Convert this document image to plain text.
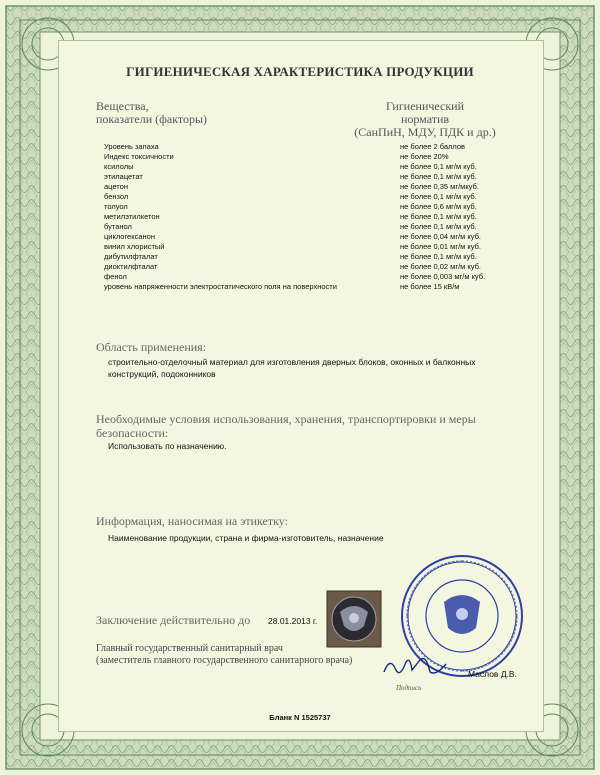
ГИГИЕНИЧЕСКАЯ ХАРАКТЕРИСТИКА ПРОДУКЦИИ
Вещества,
показатели (факторы)
Гигиенический
норматив
(СанПиН, МДУ, ПДК и др.)
Уровень запаха	не более 2 баллов
Индекс токсичности	не более 20%
ксилолы	не более 0,1 мг/м куб.
этилацетат	не более 0,1 мг/м куб.
ацетон	не более 0,35 мг/мкуб.
бензол	не более 0,1 мг/м куб.
толуол	не более 0,6 мг/м куб.
метилэтилкетон	не более 0,1 мг/м куб.
бутанол	не более 0,1 мг/м куб.
циклогексанон	не более 0,04 мг/м куб.
винил хлористый	не более 0,01 мг/м куб.
дибутилфталат	не более 0,1 мг/м куб.
диоктилфталат	не более 0,02 мг/м куб.
фенол	не более 0,003 мг/м куб.
уровень напряженности электростатического поля на поверхности	не более 15 кВ/м
Область применения:
строительно-отделочный материал для изготовления дверных блоков, оконных и балконных
конструкций, подоконников
Необходимые условия использования, хранения, транспортировки и меры
безопасности:
Использовать по назначению.
Информация, наносимая на этикетку:
Наименование продукции, страна и фирма-изготовитель, назначение
Заключение действительно до 28.01.2013 г.
Главный государственный санитарный врач
(заместитель главного государственного санитарного врача)
Подпись
Маслов Д.В.
Бланк N 1525737
